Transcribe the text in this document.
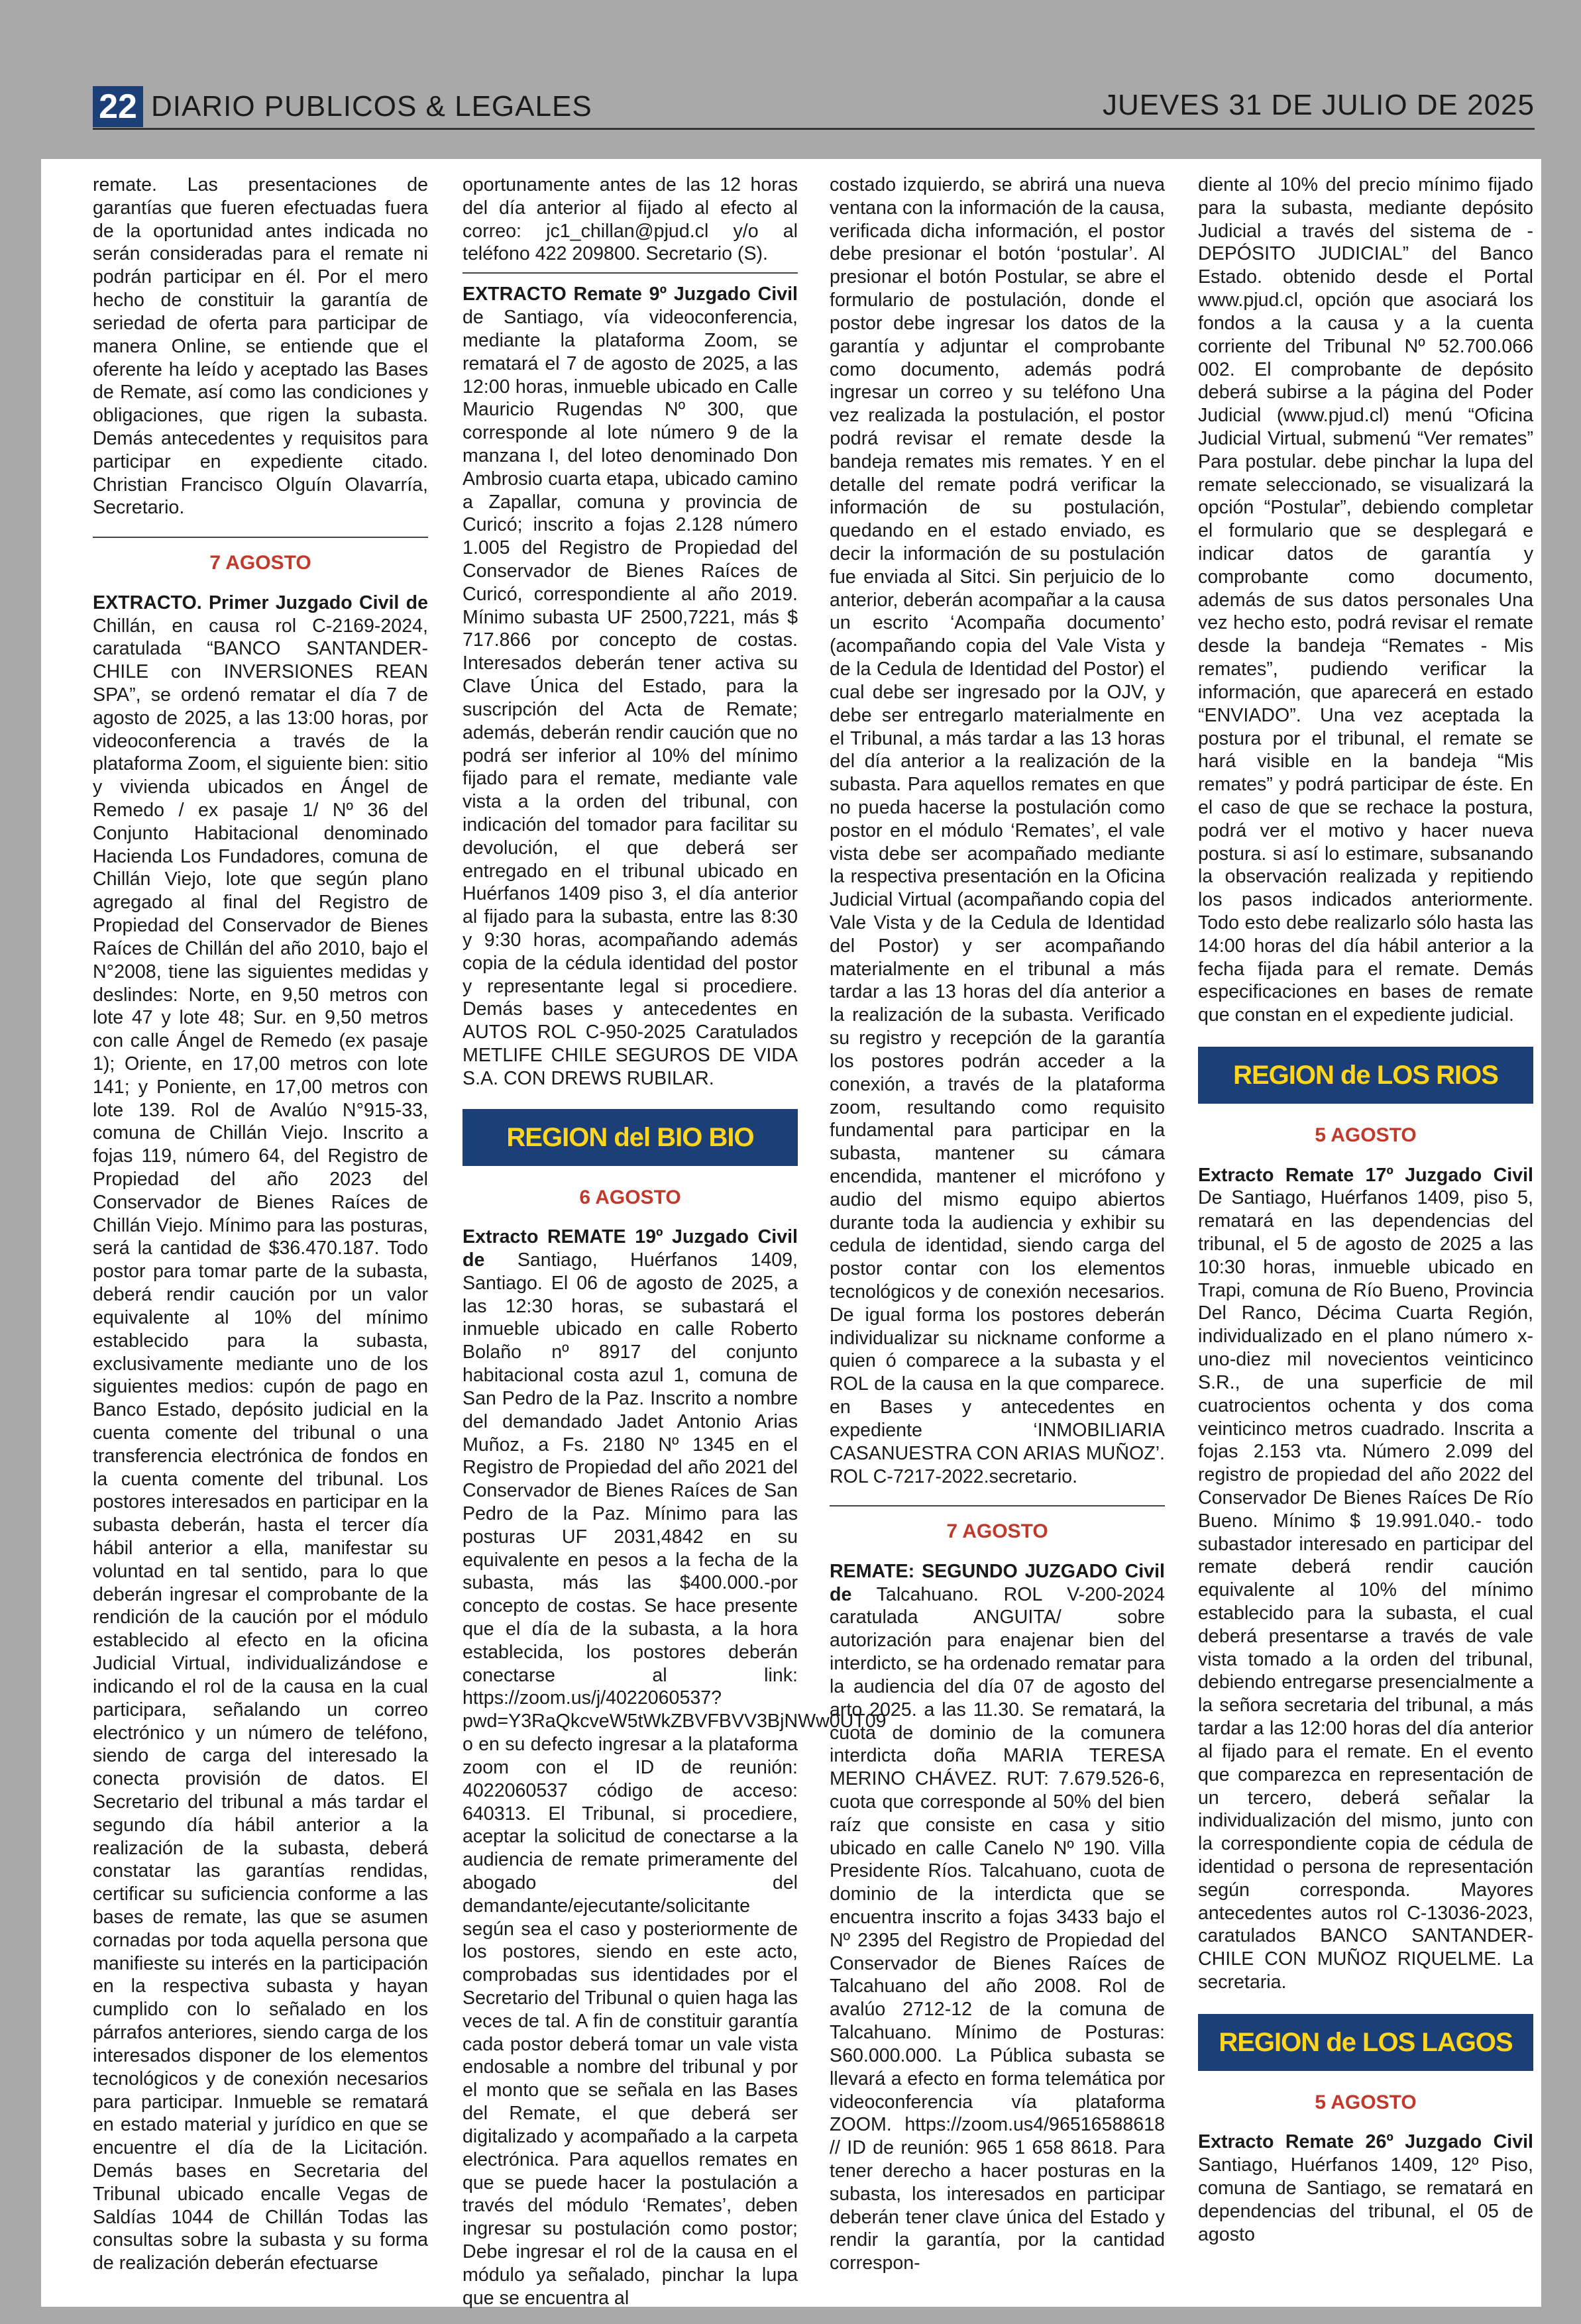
22 DIARIO PUBLICOS & LEGALES	JUEVES 31 DE JULIO DE 2025

remate. Las presentaciones de garantías que fueren efectuadas fuera de la oportunidad antes indicada no serán consideradas para el remate ni podrán participar en él. Por el mero hecho de constituir la garantía de seriedad de oferta para participar de manera Online, se entiende que el oferente ha leído y aceptado las Bases de Remate, así como las condiciones y obligaciones, que rigen la subasta. Demás antecedentes y requisitos para participar en expediente citado. Christian Francisco Olguín Olavarría, Secretario.

7 AGOSTO

EXTRACTO. Primer Juzgado Civil de Chillán, en causa rol C-2169-2024, caratulada “BANCO SANTANDER- CHILE con INVERSIONES REAN SPA”, se ordenó rematar el día 7 de agosto de 2025, a las 13:00 horas, por videoconferencia a través de la plataforma Zoom, el siguiente bien: sitio y vivienda ubicados en Ángel de Remedo / ex pasaje 1/ Nº 36 del Conjunto Habitacional denominado Hacienda Los Fundadores, comuna de Chillán Viejo, lote que según plano agregado al final del Registro de Propiedad del Conservador de Bienes Raíces de Chillán del año 2010, bajo el N°2008, tiene las siguientes medidas y deslindes: Norte, en 9,50 metros con lote 47 y lote 48; Sur. en 9,50 metros con calle Ángel de Remedo (ex pasaje 1); Oriente, en 17,00 metros con lote 141; y Poniente, en 17,00 metros con lote 139. Rol de Avalúo N°915-33, comuna de Chillán Viejo. Inscrito a fojas 119, número 64, del Registro de Propiedad del año 2023 del Conservador de Bienes Raíces de Chillán Viejo. Mínimo para las posturas, será la cantidad de $36.470.187. Todo postor para tomar parte de la subasta, deberá rendir caución por un valor equivalente al 10% del mínimo establecido para la subasta, exclusivamente mediante uno de los siguientes medios: cupón de pago en Banco Estado, depósito judicial en la cuenta comente del tribunal o una transferencia electrónica de fondos en la cuenta comente del tribunal. Los postores interesados en participar en la subasta deberán, hasta el tercer día hábil anterior a ella, manifestar su voluntad en tal sentido, para lo que deberán ingresar el comprobante de la rendición de la caución por el módulo establecido al efecto en la oficina Judicial Virtual, individualizándose e indicando el rol de la causa en la cual participara, señalando un correo electrónico y un número de teléfono, siendo de carga del interesado la conecta provisión de datos. El Secretario del tribunal a más tardar el segundo día hábil anterior a la realización de la subasta, deberá constatar las garantías rendidas, certificar su suficiencia conforme a las bases de remate, las que se asumen cornadas por toda aquella persona que manifieste su interés en la participación en la respectiva subasta y hayan cumplido con lo señalado en los párrafos anteriores, siendo carga de los interesados disponer de los elementos tecnológicos y de conexión necesarios para participar. Inmueble se rematará en estado material y jurídico en que se encuentre el día de la Licitación. Demás bases en Secretaria del Tribunal ubicado encalle Vegas de Saldías 1044 de Chillán Todas las consultas sobre la subasta y su forma de realización deberán efectuarse

oportunamente antes de las 12 horas del día anterior al fijado al efecto al correo: jc1_chillan@pjud.cl y/o al teléfono 422 209800. Secretario (S).

EXTRACTO Remate 9º Juzgado Civil de Santiago, vía videoconferencia, mediante la plataforma Zoom, se rematará el 7 de agosto de 2025, a las 12:00 horas, inmueble ubicado en Calle Mauricio Rugendas Nº 300, que corresponde al lote número 9 de la manzana I, del loteo denominado Don Ambrosio cuarta etapa, ubicado camino a Zapallar, comuna y provincia de Curicó; inscrito a fojas 2.128 número 1.005 del Registro de Propiedad del Conservador de Bienes Raíces de Curicó, correspondiente al año 2019. Mínimo subasta UF 2500,7221, más $ 717.866 por concepto de costas. Interesados deberán tener activa su Clave Única del Estado, para la suscripción del Acta de Remate; además, deberán rendir caución que no podrá ser inferior al 10% del mínimo fijado para el remate, mediante vale vista a la orden del tribunal, con indicación del tomador para facilitar su devolución, el que deberá ser entregado en el tribunal ubicado en Huérfanos 1409 piso 3, el día anterior al fijado para la subasta, entre las 8:30 y 9:30 horas, acompañando además copia de la cédula identidad del postor y representante legal si procediere. Demás bases y antecedentes en AUTOS ROL C-950-2025 Caratulados METLIFE CHILE SEGUROS DE VIDA S.A. CON DREWS RUBILAR.

REGION del BIO BIO
6 AGOSTO

Extracto REMATE 19º Juzgado Civil de Santiago, Huérfanos 1409, Santiago. El 06 de agosto de 2025, a las 12:30 horas, se subastará el inmueble ubicado en calle Roberto Bolaño nº 8917 del conjunto habitacional costa azul 1, comuna de San Pedro de la Paz. Inscrito a nombre del demandado Jadet Antonio Arias Muñoz, a Fs. 2180 Nº 1345 en el Registro de Propiedad del año 2021 del Conservador de Bienes Raíces de San Pedro de la Paz. Mínimo para las posturas UF 2031,4842 en su equivalente en pesos a la fecha de la subasta, más las $400.000.-por concepto de costas. Se hace presente que el día de la subasta, a la hora establecida, los postores deberán conectarse al link: https://zoom.us/j/4022060537?pwd=Y3RaQkcveW5tWkZBVFBVV3BjNWw0UT09 o en su defecto ingresar a la plataforma zoom con el ID de reunión: 4022060537 código de acceso: 640313. El Tribunal, si procediere, aceptar la solicitud de conectarse a la audiencia de remate primeramente del abogado del demandante/ejecutante/solicitante según sea el caso y posteriormente de los postores, siendo en este acto, comprobadas sus identidades por el Secretario del Tribunal o quien haga las veces de tal. A fin de constituir garantía cada postor deberá tomar un vale vista endosable a nombre del tribunal y por el monto que se señala en las Bases del Remate, el que deberá ser digitalizado y acompañado a la carpeta electrónica. Para aquellos remates en que se puede hacer la postulación a través del módulo ‘Remates’, deben ingresar su postulación como postor; Debe ingresar el rol de la causa en el módulo ya señalado, pinchar la lupa que se encuentra al

costado izquierdo, se abrirá una nueva ventana con la información de la causa, verificada dicha información, el postor debe presionar el botón ‘postular’. Al presionar el botón Postular, se abre el formulario de postulación, donde el postor debe ingresar los datos de la garantía y adjuntar el comprobante como documento, además podrá ingresar un correo y su teléfono Una vez realizada la postulación, el postor podrá revisar el remate desde la bandeja remates mis remates. Y en el detalle del remate podrá verificar la información de su postulación, quedando en el estado enviado, es decir la información de su postulación fue enviada al Sitci. Sin perjuicio de lo anterior, deberán acompañar a la causa un escrito ‘Acompaña documento’ (acompañando copia del Vale Vista y de la Cedula de Identidad del Postor) el cual debe ser ingresado por la OJV, y debe ser entregarlo materialmente en el Tribunal, a más tardar a las 13 horas del día anterior a la realización de la subasta. Para aquellos remates en que no pueda hacerse la postulación como postor en el módulo ‘Remates’, el vale vista debe ser acompañado mediante la respectiva presentación en la Oficina Judicial Virtual (acompañando copia del Vale Vista y de la Cedula de Identidad del Postor) y ser acompañando materialmente en el tribunal a más tardar a las 13 horas del día anterior a la realización de la subasta. Verificado su registro y recepción de la garantía los postores podrán acceder a la conexión, a través de la plataforma zoom, resultando como requisito fundamental para participar en la subasta, mantener su cámara encendida, mantener el micrófono y audio del mismo equipo abiertos durante toda la audiencia y exhibir su cedula de identidad, siendo carga del postor contar con los elementos tecnológicos y de conexión necesarios. De igual forma los postores deberán individualizar su nickname conforme a quien ó comparece a la subasta y el ROL de la causa en la que comparece. en Bases y antecedentes en expediente ‘INMOBILIARIA CASANUESTRA CON ARIAS MUÑOZ’. ROL C-7217-2022.secretario.

7 AGOSTO

REMATE: SEGUNDO JUZGADO Civil de Talcahuano. ROL V-200-2024 caratulada ANGUITA/ sobre autorización para enajenar bien del interdicto, se ha ordenado rematar para la audiencia del día 07 de agosto del arto 2025. a las 11.30. Se rematará, la cuota de dominio de la comunera interdicta doña MARIA TERESA MERINO CHÁVEZ. RUT: 7.679.526-6, cuota que corresponde al 50% del bien raíz que consiste en casa y sitio ubicado en calle Canelo Nº 190. Villa Presidente Ríos. Talcahuano, cuota de dominio de la interdicta que se encuentra inscrito a fojas 3433 bajo el Nº 2395 del Registro de Propiedad del Conservador de Bienes Raíces de Talcahuano del año 2008. Rol de avalúo 2712-12 de la comuna de Talcahuano. Mínimo de Posturas: S60.000.000. La Pública subasta se llevará a efecto en forma telemática por videoconferencia vía plataforma ZOOM. https://zoom.us4/96516588618 // ID de reunión: 965 1 658 8618. Para tener derecho a hacer posturas en la subasta, los interesados en participar deberán tener clave única del Estado y rendir la garantía, por la cantidad correspon-

diente al 10% del precio mínimo fijado para la subasta, mediante depósito Judicial a través del sistema de -DEPÓSITO JUDICIAL” del Banco Estado. obtenido desde el Portal www.pjud.cl, opción que asociará los fondos a la causa y a la cuenta corriente del Tribunal Nº 52.700.066 002. El comprobante de depósito deberá subirse a la página del Poder Judicial (www.pjud.cl) menú “Oficina Judicial Virtual, submenú “Ver remates” Para postular. debe pinchar la lupa del remate seleccionado, se visualizará la opción “Postular”, debiendo completar el formulario que se desplegará e indicar datos de garantía y comprobante como documento, además de sus datos personales Una vez hecho esto, podrá revisar el remate desde la bandeja “Remates - Mis remates”, pudiendo verificar la información, que aparecerá en estado “ENVIADO”. Una vez aceptada la postura por el tribunal, el remate se hará visible en la bandeja “Mis remates” y podrá participar de éste. En el caso de que se rechace la postura, podrá ver el motivo y hacer nueva postura. si así lo estimare, subsanando la observación realizada y repitiendo los pasos indicados anteriormente. Todo esto debe realizarlo sólo hasta las 14:00 horas del día hábil anterior a la fecha fijada para el remate. Demás especificaciones en bases de remate que constan en el expediente judicial.

REGION de LOS RIOS
5 AGOSTO

Extracto Remate 17º Juzgado Civil De Santiago, Huérfanos 1409, piso 5, rematará en las dependencias del tribunal, el 5 de agosto de 2025 a las 10:30 horas, inmueble ubicado en Trapi, comuna de Río Bueno, Provincia Del Ranco, Décima Cuarta Región, individualizado en el plano número x-uno-diez mil novecientos veinticinco S.R., de una superficie de mil cuatrocientos ochenta y dos coma veinticinco metros cuadrado. Inscrita a fojas 2.153 vta. Número 2.099 del registro de propiedad del año 2022 del Conservador De Bienes Raíces De Río Bueno. Mínimo $ 19.991.040.- todo subastador interesado en participar del remate deberá rendir caución equivalente al 10% del mínimo establecido para la subasta, el cual deberá presentarse a través de vale vista tomado a la orden del tribunal, debiendo entregarse presencialmente a la señora secretaria del tribunal, a más tardar a las 12:00 horas del día anterior al fijado para el remate. En el evento que comparezca en representación de un tercero, deberá señalar la individualización del mismo, junto con la correspondiente copia de cédula de identidad o persona de representación según corresponda. Mayores antecedentes autos rol C-13036-2023, caratulados BANCO SANTANDER-CHILE CON MUÑOZ RIQUELME. La secretaria.

REGION de LOS LAGOS
5 AGOSTO

Extracto Remate 26º Juzgado Civil Santiago, Huérfanos 1409, 12º Piso, comuna de Santiago, se rematará en dependencias del tribunal, el 05 de agosto
